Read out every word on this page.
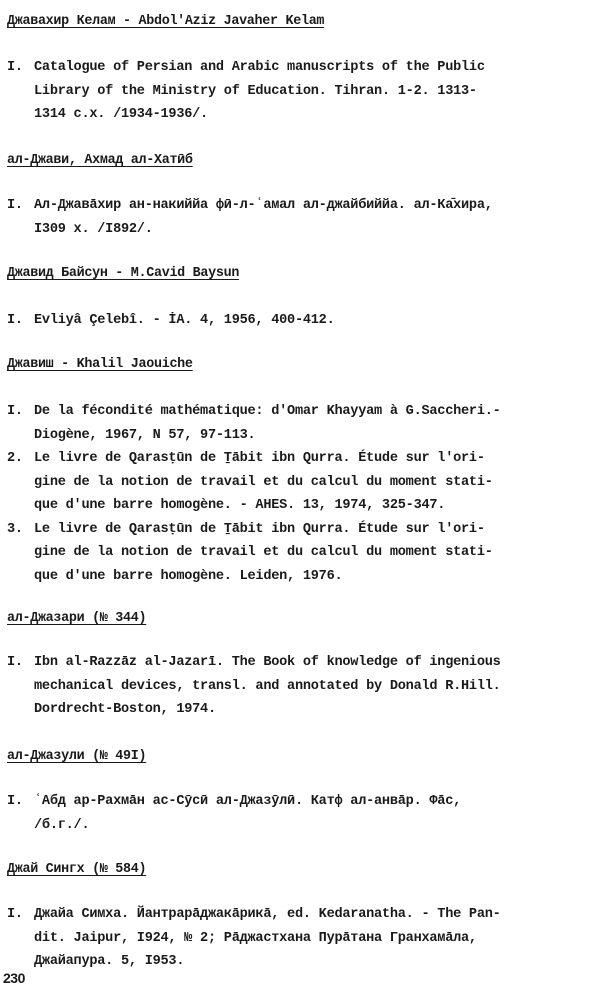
Джавахир Келам - Abdol'Aziz Javaher Kelam
I. Catalogue of Persian and Arabic manuscripts of the Public
Library of the Ministry of Education. Tihran. 1-2. 1313-
1314 c.x. /1934-1936/.
ал-Джави, Аxмад ал-Хатӣб
I. Ал-Джавāхир ан-накиййа фӣ-л-ʿамал ал-джайбиййа. ал-Ка̄хира,
I309 х. /I892/.
Джавид Байсун - M.Cavid Baysun
I. Evliyâ Çelebî. - İA. 4, 1956, 400-412.
Джавиш - Khalil Jaouiche
I. De la fécondité mathématique: d'Omar Khayyam à G.Saccheri.-
Diogène, 1967, N 57, 97-113.
2. Le livre de Qarasṭūn de Ṯābit ibn Qurra. Étude sur l'ori-
gine de la notion de travail et du calcul du moment stati-
que d'une barre homogène. - AHES. 13, 1974, 325-347.
3. Le livre de Qarasṭūn de Ṯābit ibn Qurra. Étude sur l'ori-
gine de la notion de travail et du calcul du moment stati-
que d'une barre homogène. Leiden, 1976.
ал-Джазари (№ 344)
I. Ibn al-Razzāz al-Jazarī. The Book of knowledge of ingenious
mechanical devices, transl. and annotated by Donald R.Hill.
Dordrecht-Boston, 1974.
ал-Джазули (№ 49I)
I. ʿАбд ар-Раxмāн ас-Сӯсӣ ал-Джазӯлӣ. Катф ал-анвāр. Фāс,
/б.г./.
Джай Сингх (№ 584)
I. Джайа Симха. Йантрарāджакāрикā, ed. Kedaranatha. - The Pan-
dit. Jaipur, I924, № 2; Рāджастхана Пурāтана Гранхамāла,
Джайапура. 5, I953.
230
